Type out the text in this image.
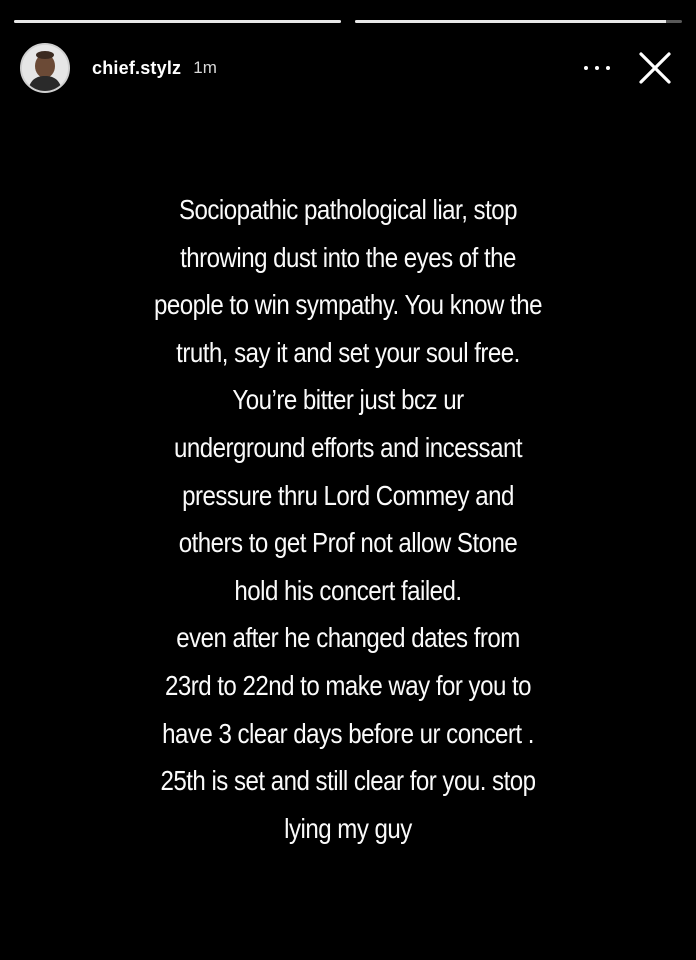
chief.stylz 1m
Sociopathic pathological liar, stop
throwing dust into the eyes of the
people to win sympathy. You know the
truth, say it and set your soul free.
You’re bitter just bcz ur
underground efforts and incessant
pressure thru Lord Commey and
others to get Prof not allow Stone
hold his concert failed.
even after he changed dates from
23rd to 22nd to make way for you to
have 3 clear days before ur concert .
25th is set and still clear for you. stop
lying my guy
